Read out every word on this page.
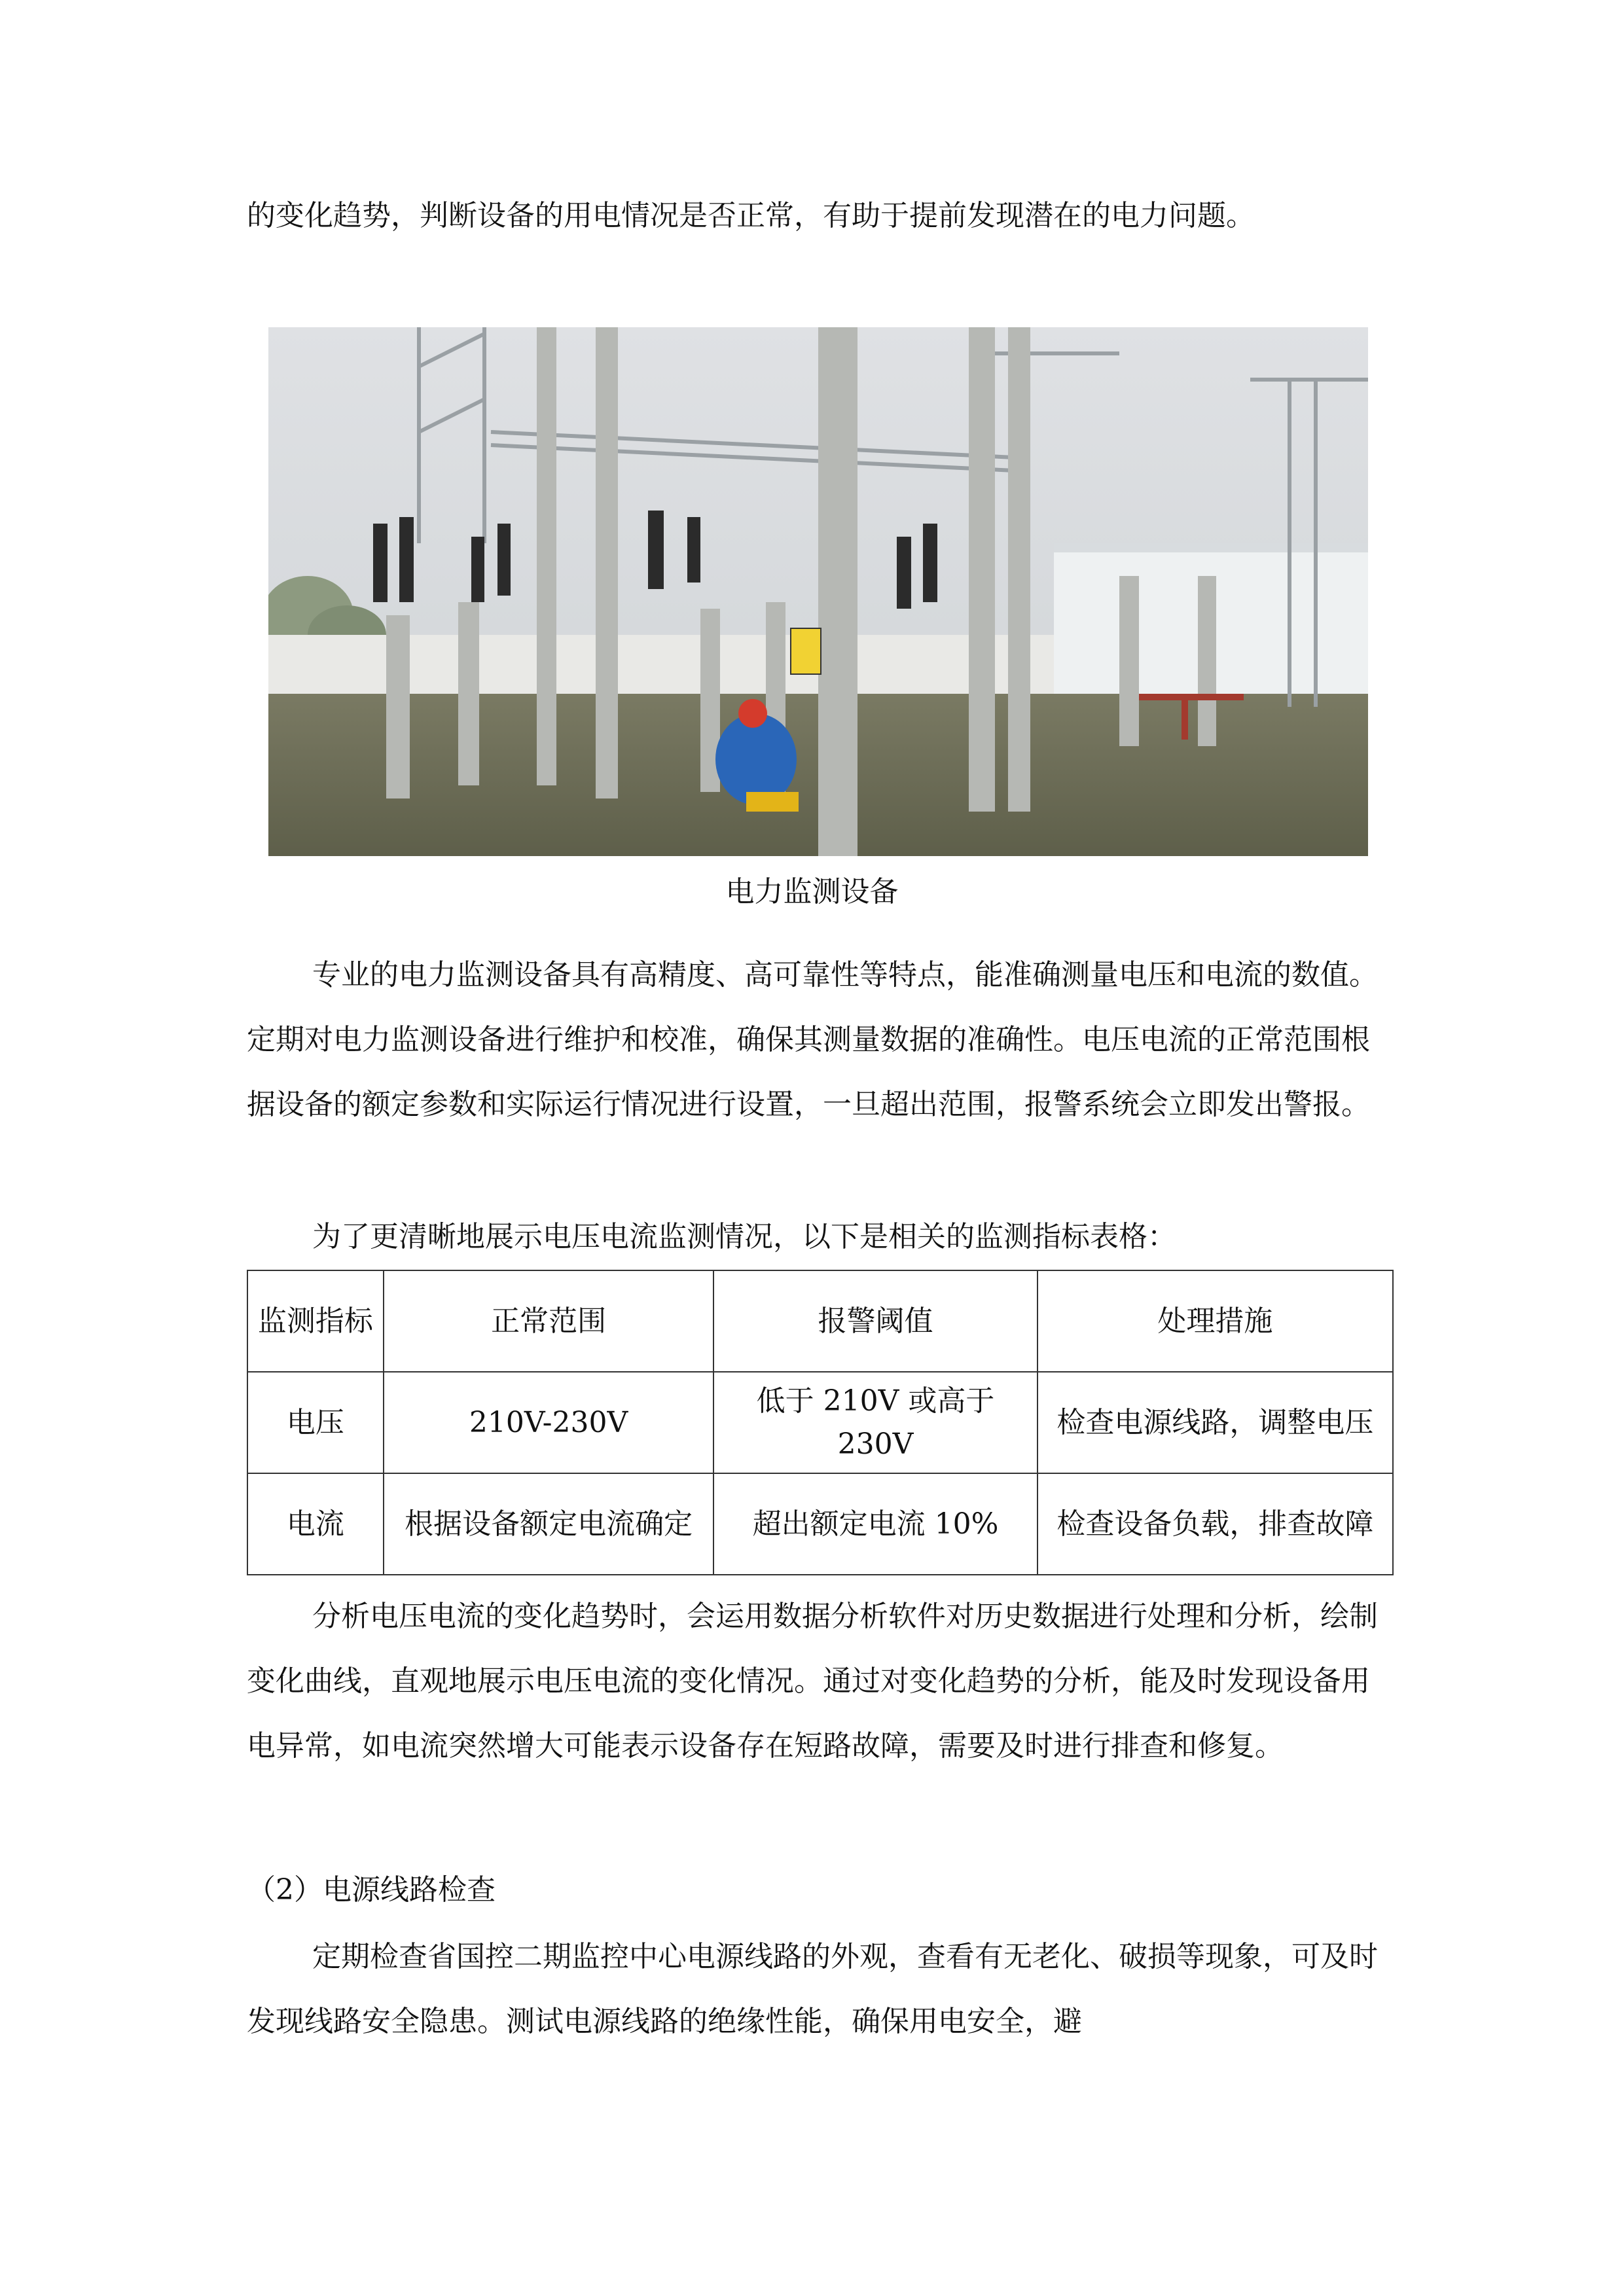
的变化趋势，判断设备的用电情况是否正常，有助于提前发现潜在的电力问题。

电力监测设备

专业的电力监测设备具有高精度、高可靠性等特点，能准确测量电压和电流的数值。定期对电力监测设备进行维护和校准，确保其测量数据的准确性。电压电流的正常范围根据设备的额定参数和实际运行情况进行设置，一旦超出范围，报警系统会立即发出警报。

为了更清晰地展示电压电流监测情况，以下是相关的监测指标表格：

监测指标	正常范围	报警阈值	处理措施
电压	210V-230V	低于 210V 或高于 230V	检查电源线路，调整电压
电流	根据设备额定电流确定	超出额定电流 10%	检查设备负载，排查故障

分析电压电流的变化趋势时，会运用数据分析软件对历史数据进行处理和分析，绘制变化曲线，直观地展示电压电流的变化情况。通过对变化趋势的分析，能及时发现设备用电异常，如电流突然增大可能表示设备存在短路故障，需要及时进行排查和修复。

（2）电源线路检查

定期检查省国控二期监控中心电源线路的外观，查看有无老化、破损等现象，可及时发现线路安全隐患。测试电源线路的绝缘性能，确保用电安全，避
